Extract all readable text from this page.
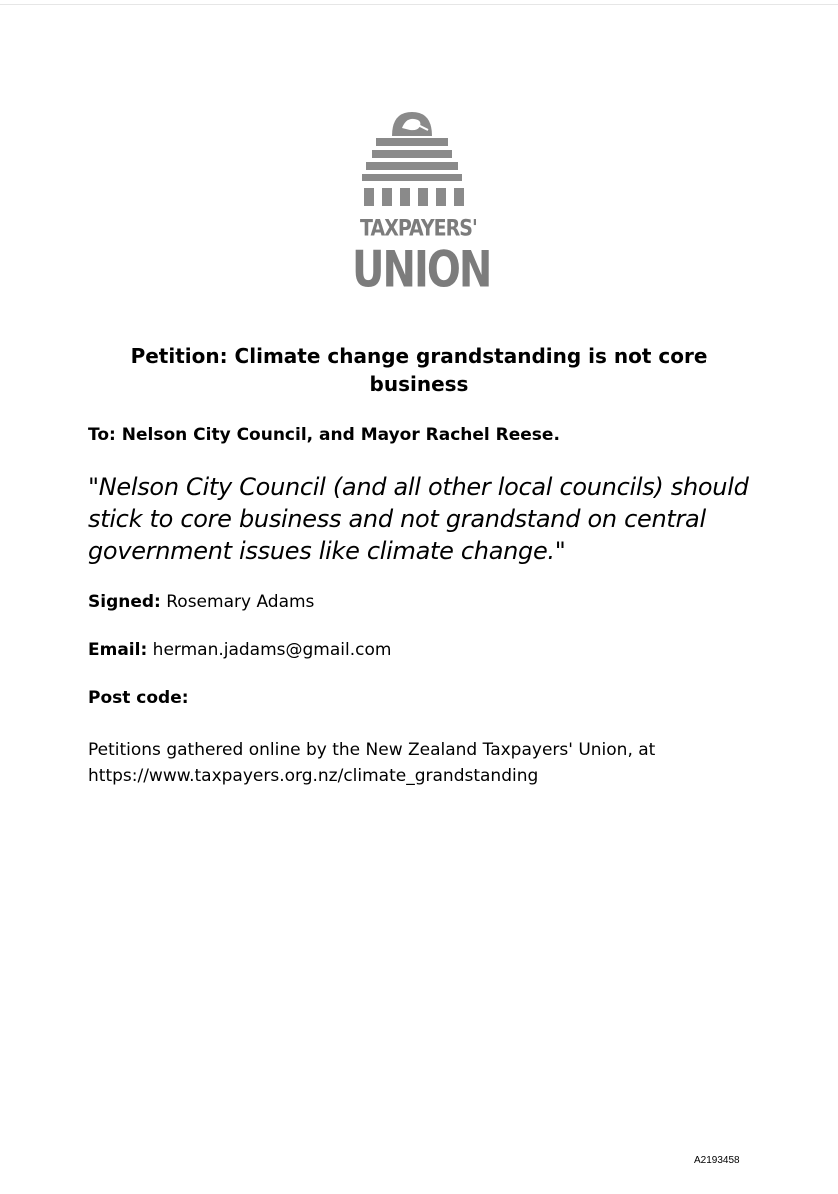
TAXPAYERS'
UNION
Petition: Climate change grandstanding is not core business
To: Nelson City Council, and Mayor Rachel Reese.
"Nelson City Council (and all other local councils) should stick to core business and not grandstand on central government issues like climate change."
Signed: Rosemary Adams
Email: herman.jadams@gmail.com
Post code:
Petitions gathered online by the New Zealand Taxpayers' Union, at
https://www.taxpayers.org.nz/climate_grandstanding
A2193458
